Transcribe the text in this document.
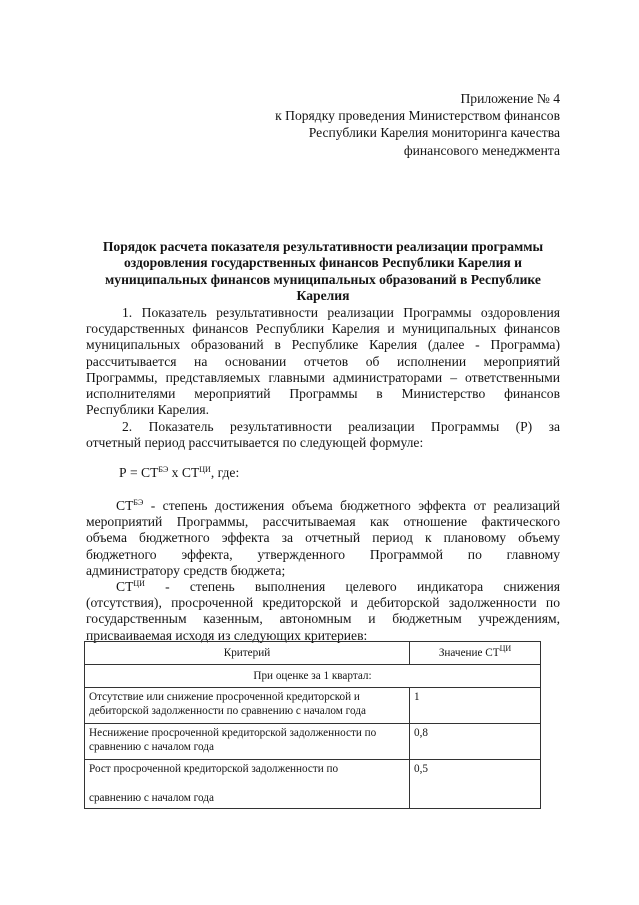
Приложение № 4
к Порядку проведения Министерством финансов
Республики Карелия мониторинга качества
финансового менеджмента
Порядок расчета показателя результативности реализации программы
оздоровления государственных финансов Республики Карелия и
муниципальных финансов муниципальных образований в Республике
Карелия
1. Показатель результативности реализации Программы оздоровления
государственных финансов Республики Карелия и муниципальных финансов
муниципальных образований в Республике Карелия (далее - Программа)
рассчитывается на основании отчетов об исполнении мероприятий
Программы, представляемых главными администраторами – ответственными
исполнителями мероприятий Программы в Министерство финансов
Республики Карелия.
2. Показатель результативности реализации Программы (Р) за
отчетный период рассчитывается по следующей формуле:
$Р = СТ^{БЭ}$ х $СТ^{ЦИ}$, где:
$СТ^{БЭ}$ - степень достижения объема бюджетного эффекта от реализаций
мероприятий Программы, рассчитываемая как отношение фактического
объема бюджетного эффекта за отчетный период к плановому объему
бюджетного эффекта, утвержденного Программой по главному
администратору средств бюджета;
$СТ^{ЦИ}$ - степень выполнения целевого индикатора снижения
(отсутствия), просроченной кредиторской и дебиторской задолженности по
государственным казенным, автономным и бюджетным учреждениям,
присваиваемая исходя из следующих критериев:
Критерий	Значение $СТ^{ЦИ}$
При оценке за 1 квартал:	
Отсутствие или снижение просроченной кредиторской и дебиторской задолженности по сравнению с началом года	1
Неснижение просроченной кредиторской задолженности по сравнению с началом года	0,8

Рост просроченной кредиторской задолженности по
сравнению с началом года	0,5
